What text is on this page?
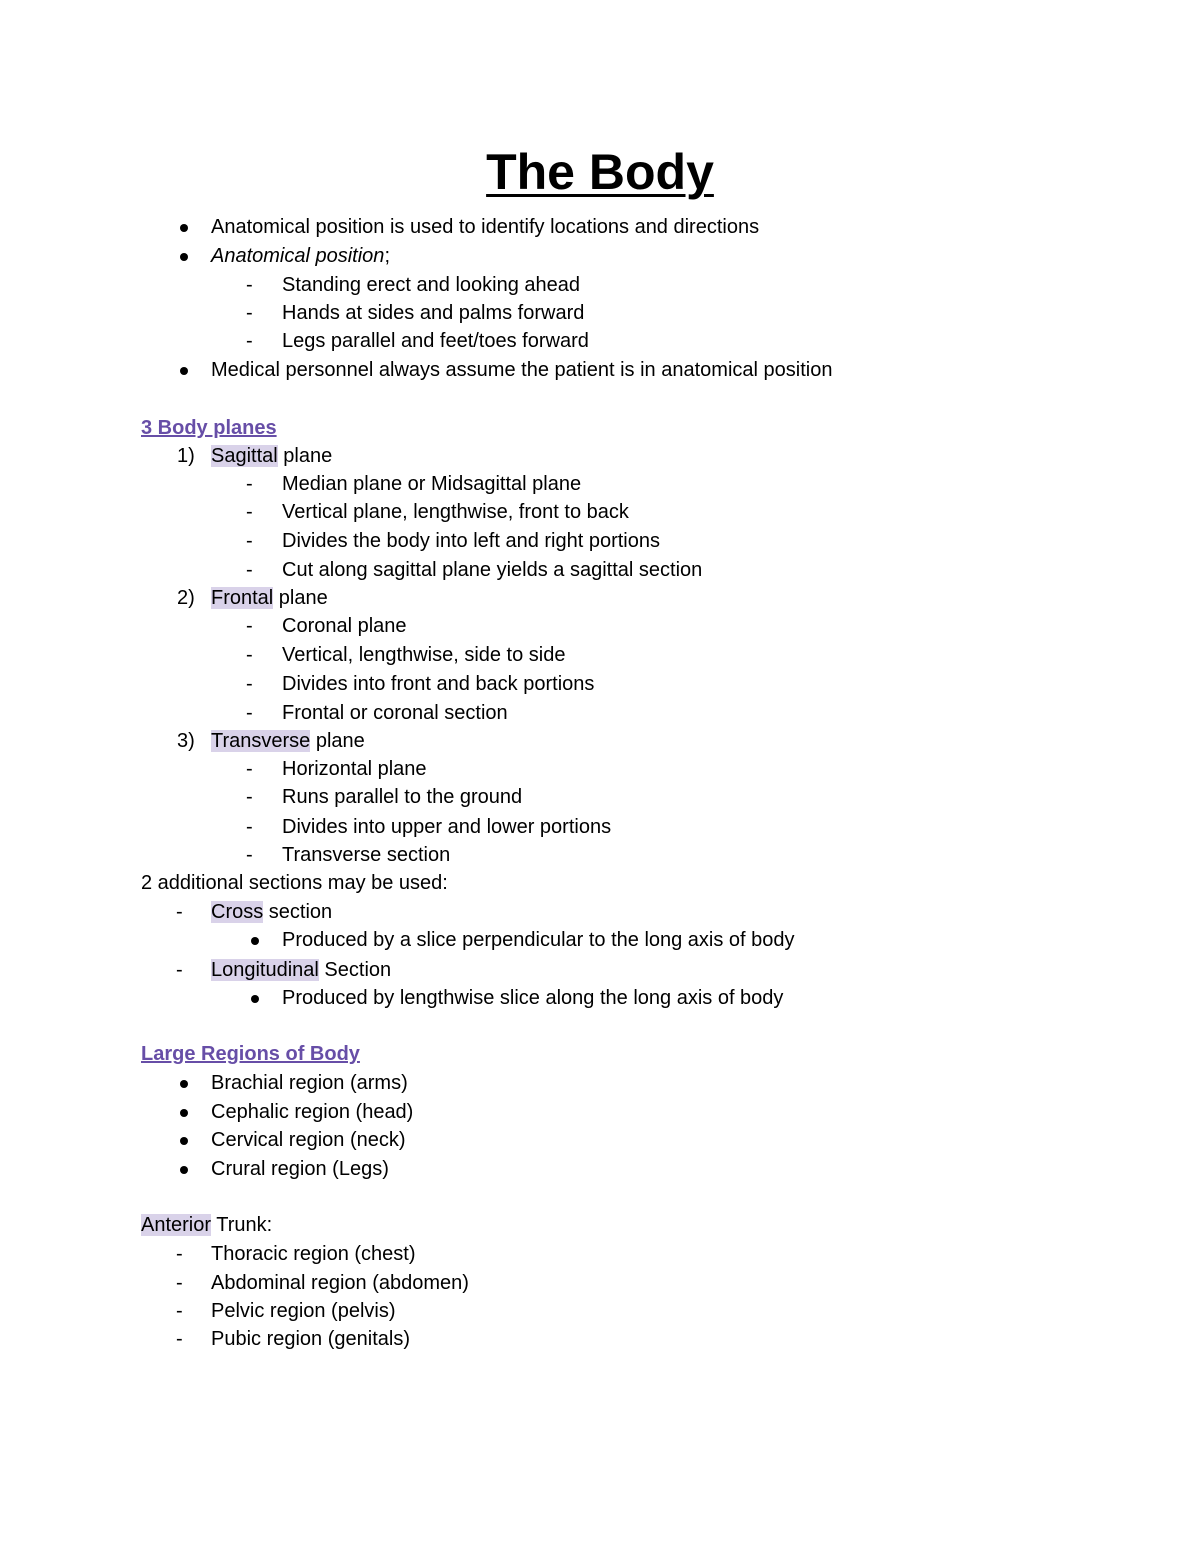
The Body
Anatomical position is used to identify locations and directions
Anatomical position;
- Standing erect and looking ahead
- Hands at sides and palms forward
- Legs parallel and feet/toes forward
Medical personnel always assume the patient is in anatomical position
3 Body planes
1) Sagittal plane
- Median plane or Midsagittal plane
- Vertical plane, lengthwise, front to back
- Divides the body into left and right portions
- Cut along sagittal plane yields a sagittal section
2) Frontal plane
- Coronal plane
- Vertical, lengthwise, side to side
- Divides into front and back portions
- Frontal or coronal section
3) Transverse plane
- Horizontal plane
- Runs parallel to the ground
- Divides into upper and lower portions
- Transverse section
2 additional sections may be used:
- Cross section
Produced by a slice perpendicular to the long axis of body
- Longitudinal Section
Produced by lengthwise slice along the long axis of body
Large Regions of Body
Brachial region (arms)
Cephalic region (head)
Cervical region (neck)
Crural region (Legs)
Anterior Trunk:
- Thoracic region (chest)
- Abdominal region (abdomen)
- Pelvic region (pelvis)
- Pubic region (genitals)
